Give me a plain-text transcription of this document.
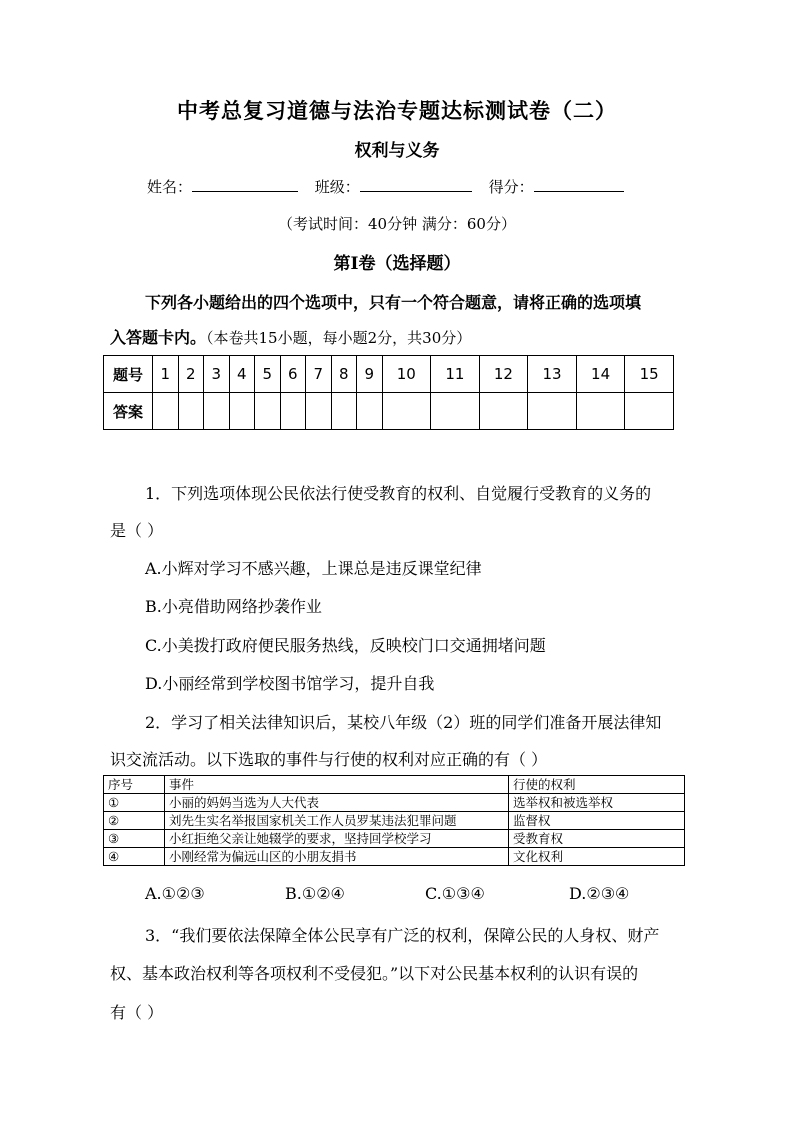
中考总复习道德与法治专题达标测试卷（二）
权利与义务
姓名：	班级：	得分：
（考试时间：40分钟 满分：60分）
第Ⅰ卷（选择题）
下列各小题给出的四个选项中，只有一个符合题意，请将正确的选项填
入答题卡内。（本卷共15小题，每小题2分，共30分）
题号	1	2	3	4	5	6	7	8	9	10	11	12	13	14	15
答案															
1．下列选项体现公民依法行使受教育的权利、自觉履行受教育的义务的
是（ ）
A.小辉对学习不感兴趣，上课总是违反课堂纪律
B.小亮借助网络抄袭作业
C.小美拨打政府便民服务热线，反映校门口交通拥堵问题
D.小丽经常到学校图书馆学习，提升自我
2．学习了相关法律知识后，某校八年级（2）班的同学们准备开展法律知
识交流活动。以下选取的事件与行使的权利对应正确的有（ ）
序号	事件	行使的权利
①	小丽的妈妈当选为人大代表	选举权和被选举权
②	刘先生实名举报国家机关工作人员罗某违法犯罪问题	监督权
③	小红拒绝父亲让她辍学的要求，坚持回学校学习	受教育权
④	小刚经常为偏远山区的小朋友捐书	文化权利
A.①②③	B.①②④	C.①③④	D.②③④
3．“我们要依法保障全体公民享有广泛的权利，保障公民的人身权、财产
权、基本政治权利等各项权利不受侵犯。”以下对公民基本权利的认识有误的
有（ ）
